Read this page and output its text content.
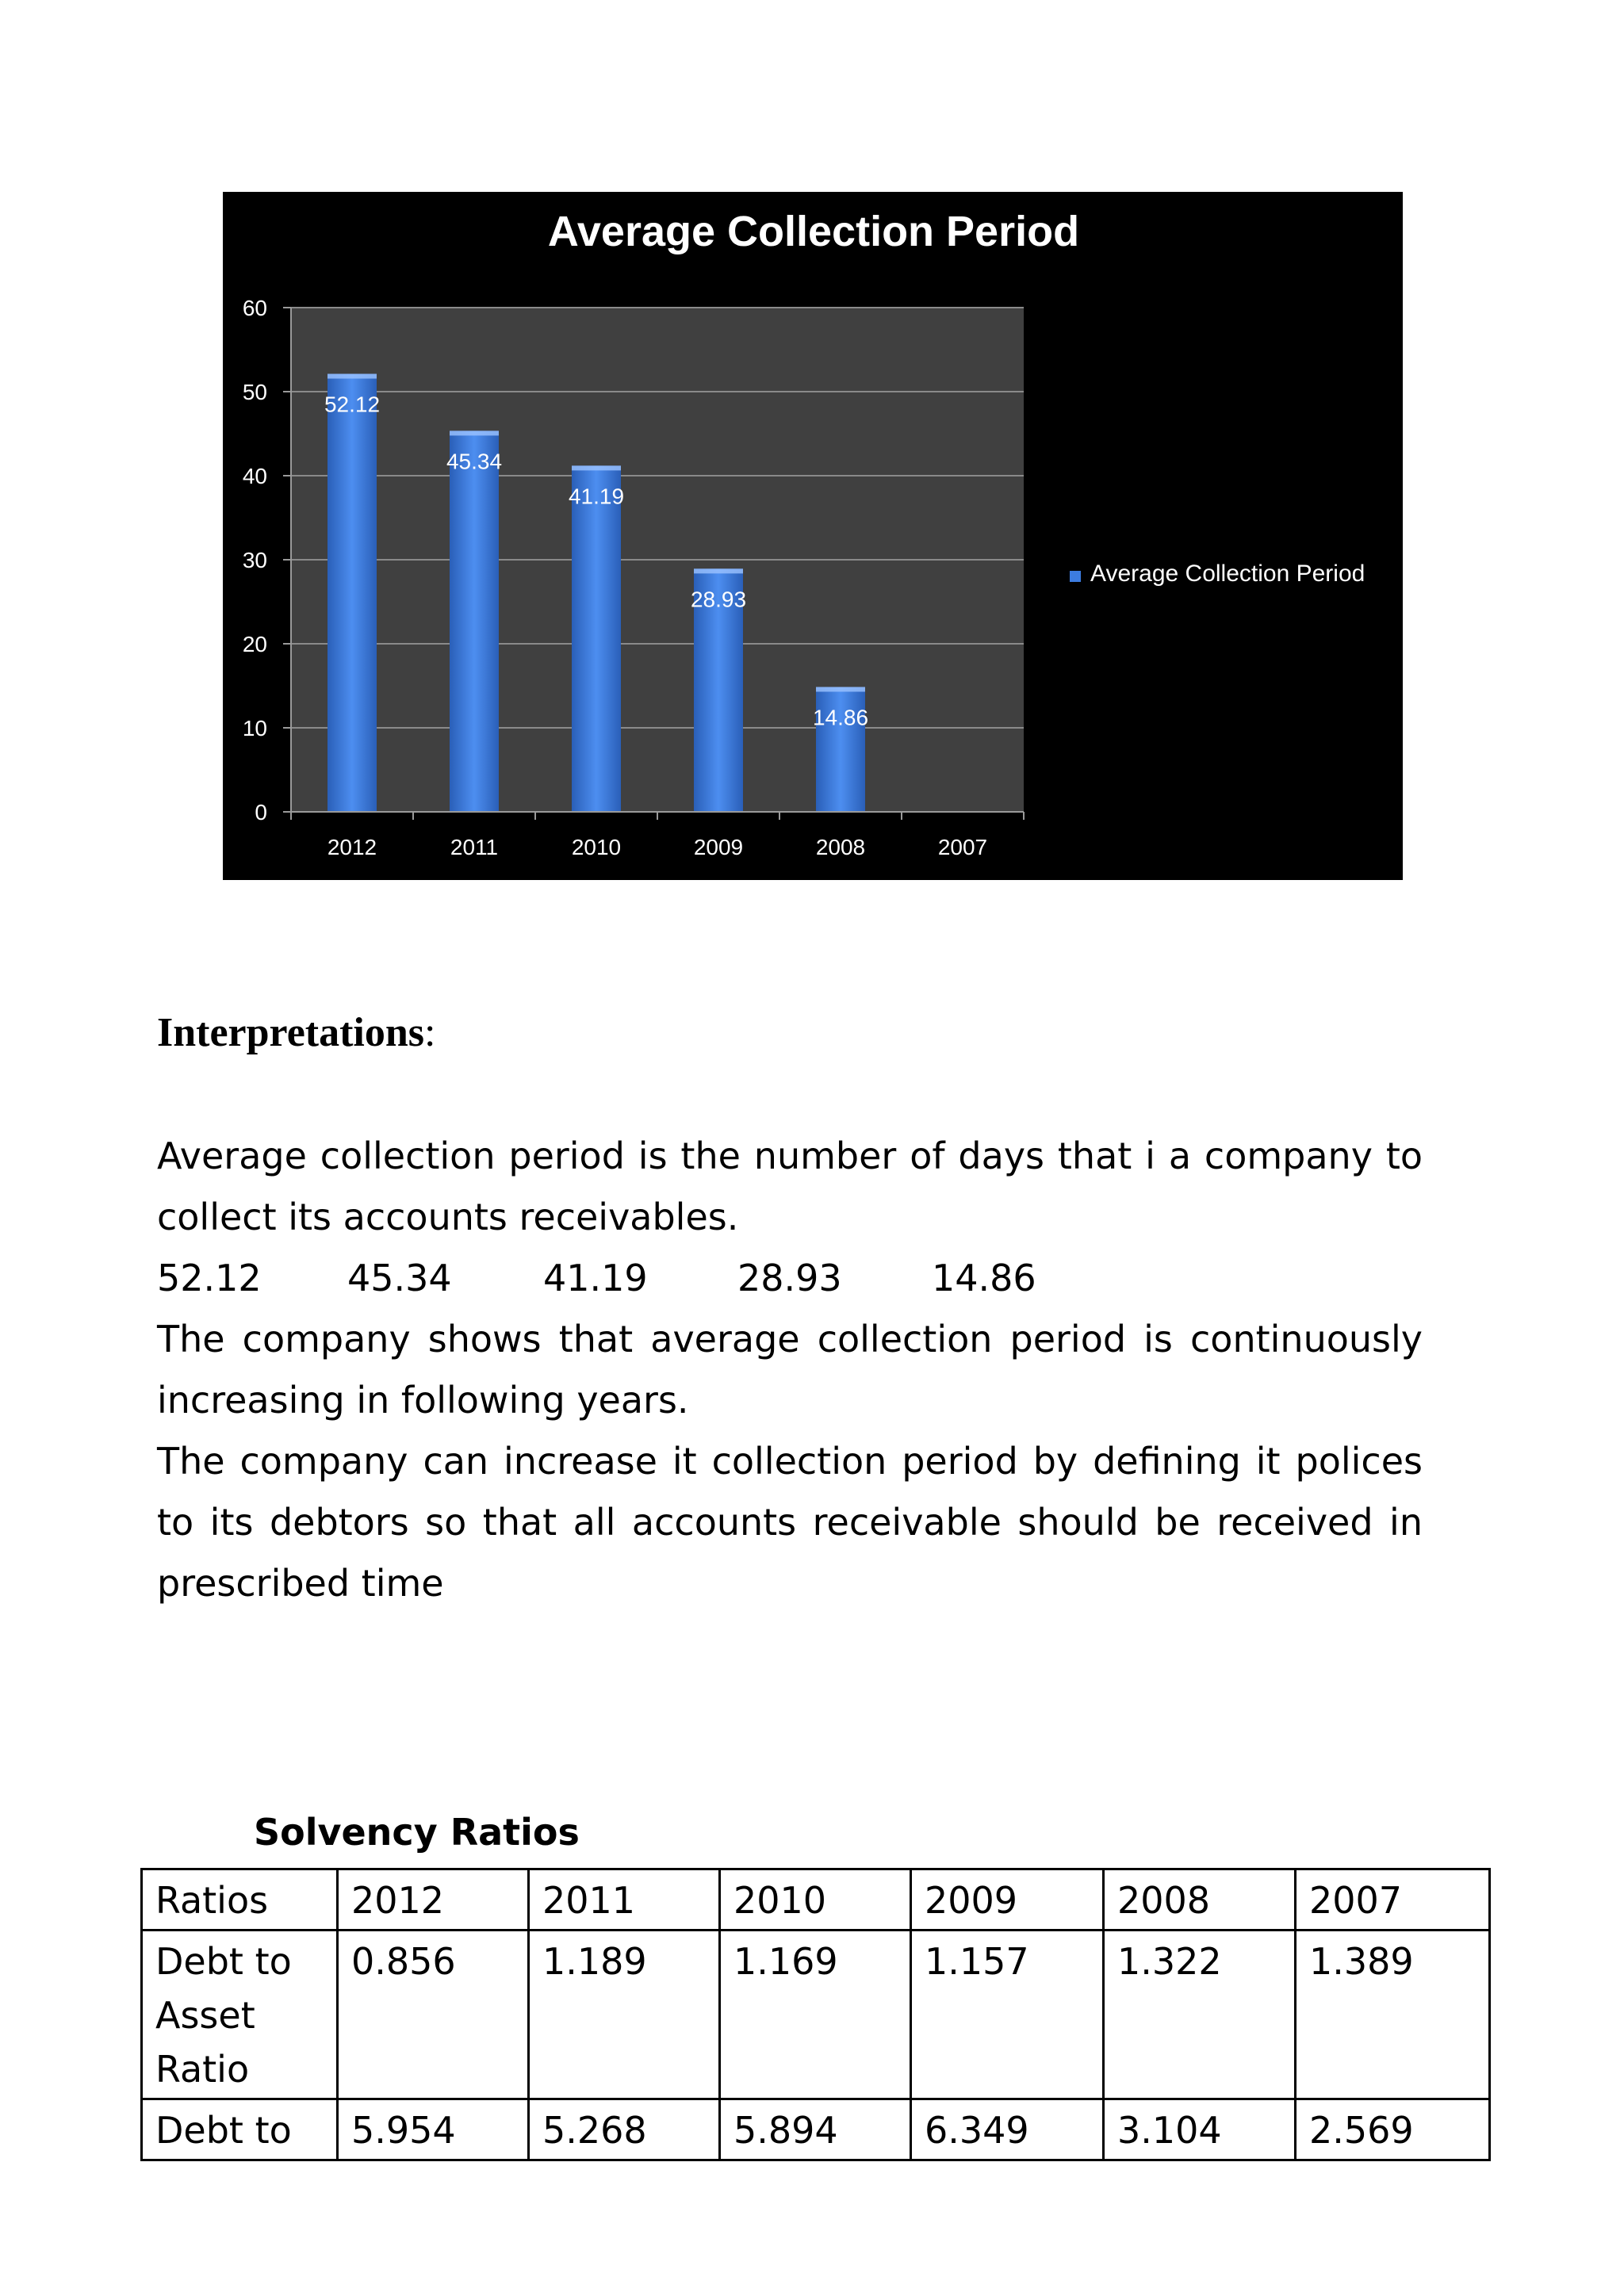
Average Collection Period
0
10
20
30
40
50
60
52.12
45.34
41.19
28.93
14.86
2012	2011	2010	2009	2008	2007
Average Collection Period
Interpretations:
Average collection period is the number of days that i a company to
collect its accounts receivables.
52.12 45.34	41.19 28.93 14.86
The company shows that average collection period is continuously increasing in following years.
The company can increase it collection period by defining it polices to its debtors so that all accounts receivable should be received in prescribed time
Solvency Ratios
Ratios	2012	2011	2010	2009	2008	2007
Debt to Asset Ratio	0.856	1.189	1.169	1.157	1.322	1.389
Debt to	5.954	5.268	5.894	6.349	3.104	2.569
